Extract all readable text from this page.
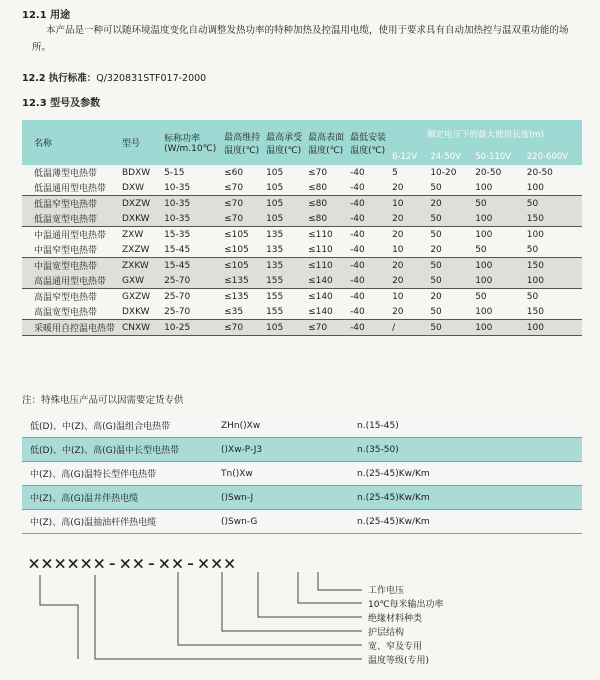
12.1 用途
本产品是一种可以随环境温度变化自动调整发热功率的特种加热及控温用电缆，使用于要求具有自动加热控与温双重功能的场所。
12.2 执行标准：Q/320831STF017-2000
12.3 型号及参数
名称	型号	标称功率(W/m.10℃)	最高维持温度(℃)	最高承受温度(℃)	最高表面温度(℃)	最低安装温度(℃)	额定电压下的最大使用长度(m)			
							6-12V	24-50V	50-110V	220-600V
低温薄型电热带	BDXW	5-15	≤60	105	≤70	-40	5	10-20	20-50	20-50
低温通用型电热带	DXW	10-35	≤70	105	≤80	-40	20	50	100	100
低温窄型电热带	DXZW	10-35	≤70	105	≤80	-40	10	20	50	50
低温宽型电热带	DXKW	10-35	≤70	105	≤80	-40	20	50	100	150
中温通用型电热带	ZXW	15-35	≤105	135	≤110	-40	20	50	100	100
中温窄型电热带	ZXZW	15-45	≤105	135	≤110	-40	10	20	50	50
中温宽型电热带	ZXKW	15-45	≤105	135	≤110	-40	20	50	100	150
高温通用型电热带	GXW	25-70	≤135	155	≤140	-40	20	50	100	100
高温窄型电热带	GXZW	25-70	≤135	155	≤140	-40	10	20	50	50
高温宽型电热带	DXKW	25-70	≤35	155	≤140	-40	20	50	100	150
采暖用自控温电热带	CNXW	10-25	≤70	105	≤70	-40	/	50	100	100
注：特殊电压产品可以因需要定货专供
低(D)、中(Z)、高(G)温组合电热带	ZHn()Xw	n.(15-45)
低(D)、中(Z)、高(G)温中长型电热带	()Xw-P-J3	n.(35-50)
中(Z)、高(G)温特长型伴电热带	Tn()Xw	n.(25-45)Kw/Km
中(Z)、高(G)温井伴热电缆	()Swn-J	n.(25-45)Kw/Km
中(Z)、高(G)温抽油杆伴热电缆	()Swn-G	n.(25-45)Kw/Km
××××××-××-××-×××
工作电压
10℃每米输出功率
绝缘材料种类
护层结构
宽、窄及专用
温度等级(专用)
